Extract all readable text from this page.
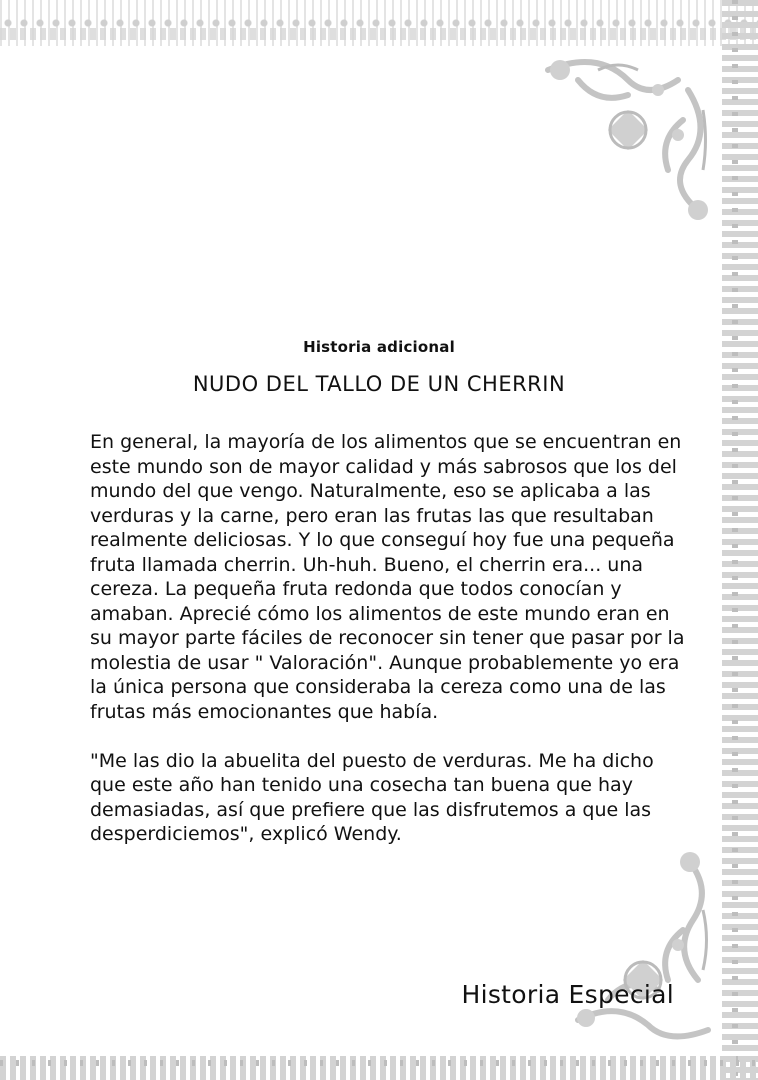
Historia adicional
NUDO DEL TALLO DE UN CHERRIN

En general, la mayoría de los alimentos que se encuentran en este mundo son de mayor calidad y más sabrosos que los del mundo del que vengo. Naturalmente, eso se aplicaba a las verduras y la carne, pero eran las frutas las que resultaban realmente deliciosas. Y lo que conseguí hoy fue una pequeña fruta llamada cherrin. Uh-huh. Bueno, el cherrin era... una cereza. La pequeña fruta redonda que todos conocían y amaban. Aprecié cómo los alimentos de este mundo eran en su mayor parte fáciles de reconocer sin tener que pasar por la molestia de usar " Valoración". Aunque probablemente yo era la única persona que consideraba la cereza como una de las frutas más emocionantes que había.

"Me las dio la abuelita del puesto de verduras. Me ha dicho que este año han tenido una cosecha tan buena que hay demasiadas, así que prefiere que las disfrutemos a que las desperdiciemos", explicó Wendy.

Historia Especial
